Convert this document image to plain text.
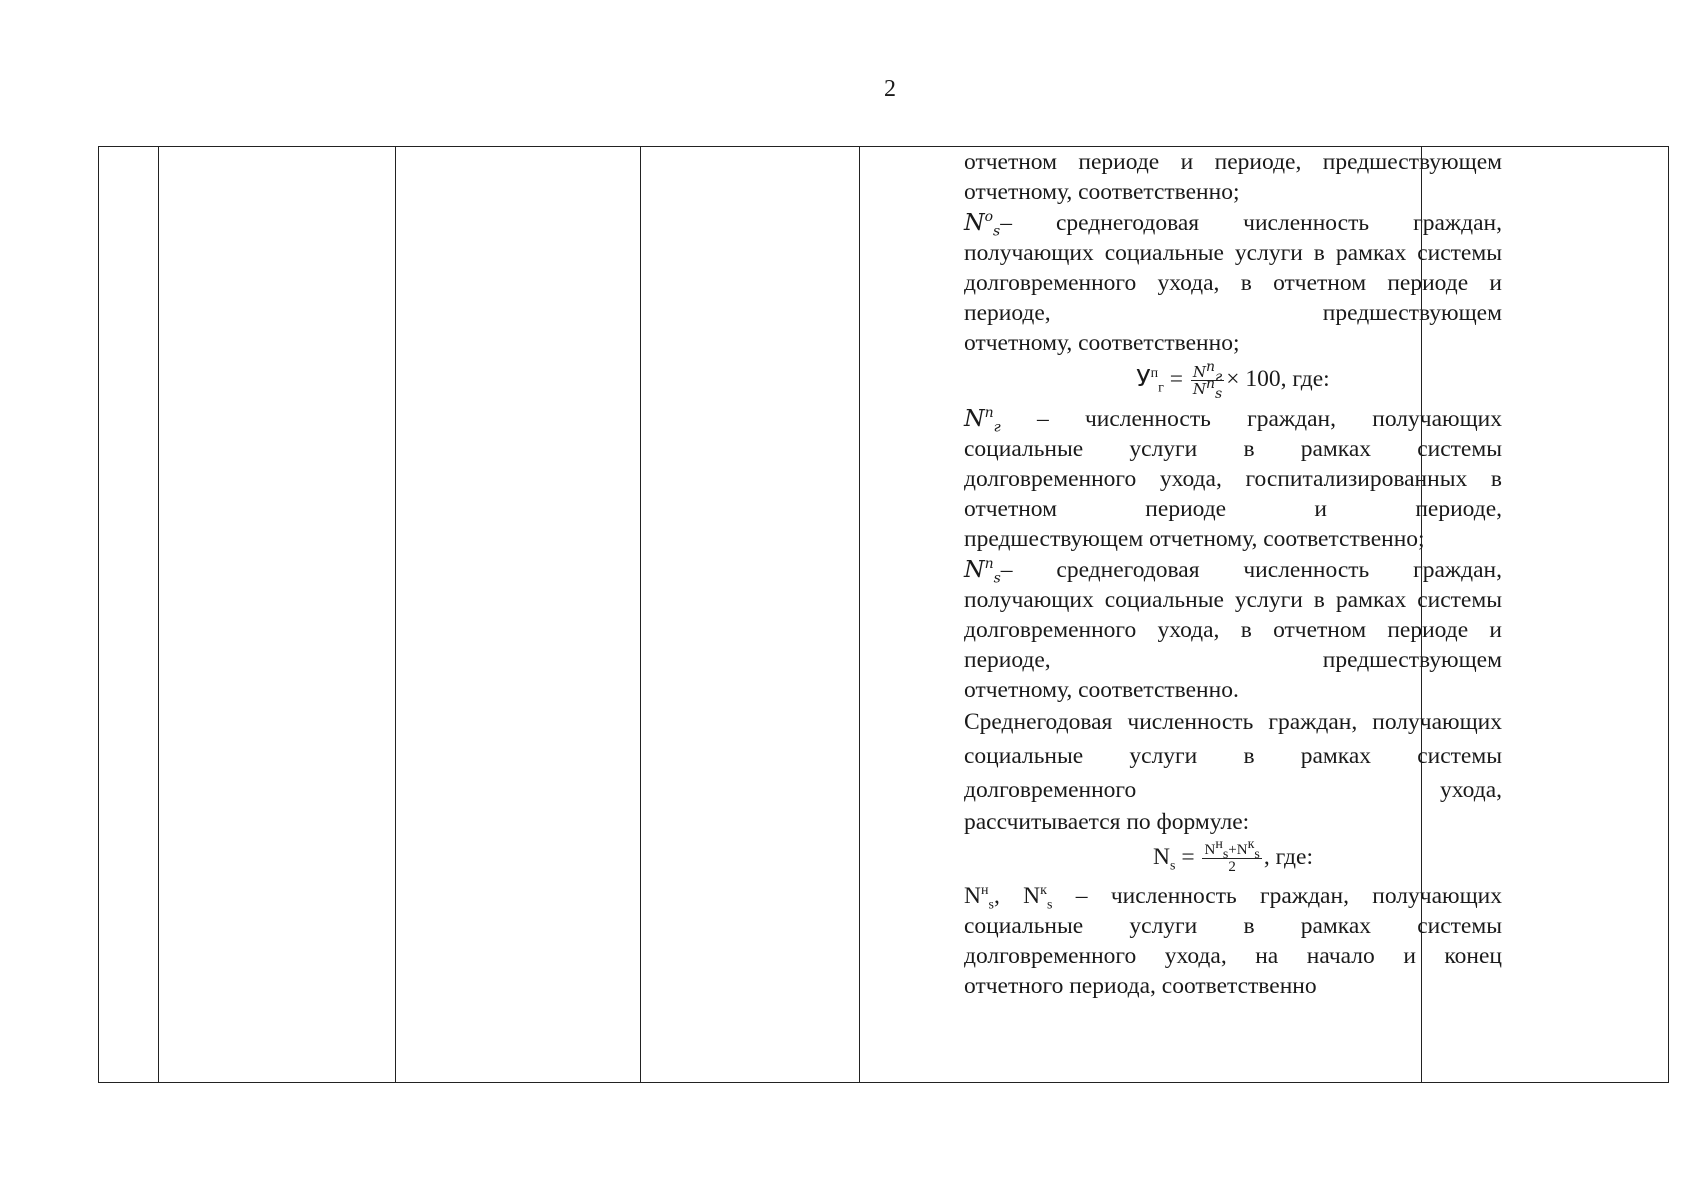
2

отчетном периоде и периоде, предшествующем

отчетному, соответственно;

$N^о_s-$ среднегодовая численность граждан, получающих социальные услуги в рамках системы долговременного ухода, в отчетном периоде и периоде, предшествующем

отчетному, соответственно;

$У^п_г = \frac{N^п_г}{N^п_s} \times 100$, где:

$N^п_г$ – численность граждан, получающих социальные услуги в рамках системы долговременного ухода, госпитализированных в отчетном периоде и периоде,

предшествующем отчетному, соответственно;

$N^п_s-$ среднегодовая численность граждан, получающих социальные услуги в рамках системы долговременного ухода, в отчетном периоде и периоде, предшествующем

отчетному, соответственно.

Среднегодовая численность граждан, получающих социальные услуги в рамках системы долговременного ухода,

рассчитывается по формуле:

$N_s = \frac{N^н_s+N^к_s}{2}$ , где:

$N^н_s$, $N^к_s$ – численность граждан, получающих социальные услуги в рамках системы долговременного ухода, на начало и конец

отчетного периода, соответственно
